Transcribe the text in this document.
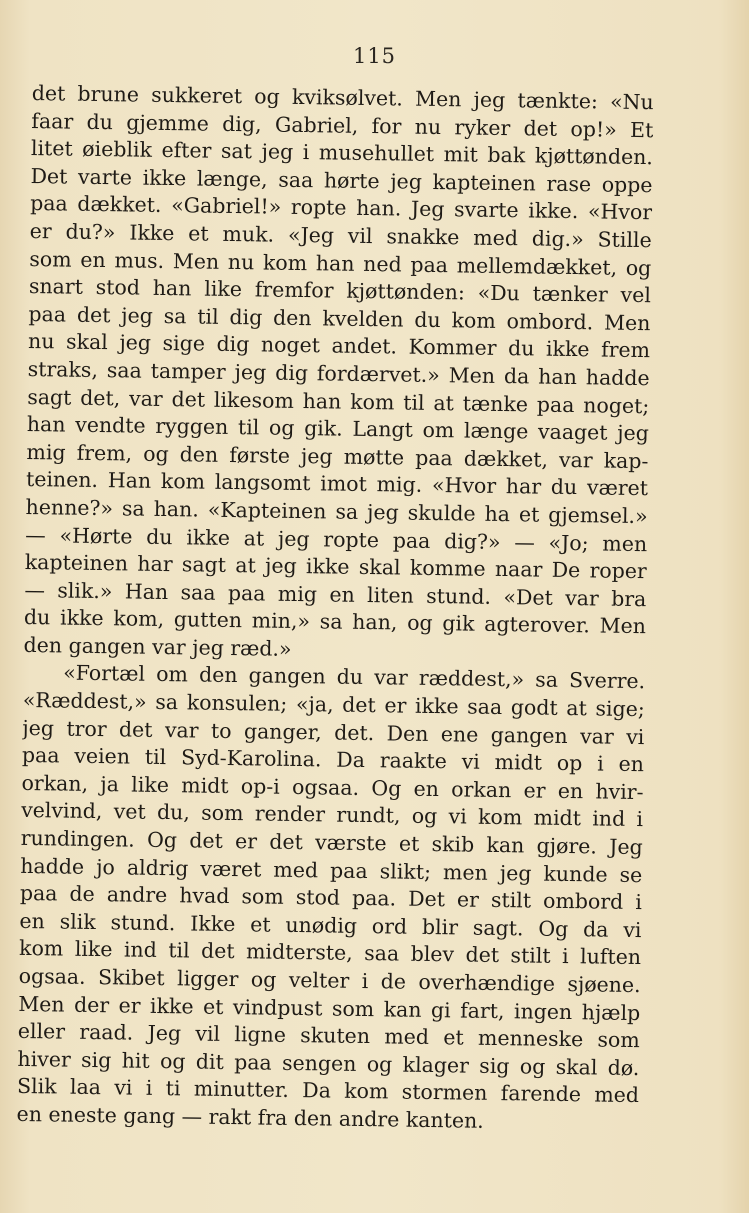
115
det brune sukkeret og kviksølvet. Men jeg tænkte: «Nu
faar du gjemme dig, Gabriel, for nu ryker det op!» Et
litet øieblik efter sat jeg i musehullet mit bak kjøttønden.
Det varte ikke længe, saa hørte jeg kapteinen rase oppe
paa dækket. «Gabriel!» ropte han. Jeg svarte ikke. «Hvor
er du?» Ikke et muk. «Jeg vil snakke med dig.» Stille
som en mus. Men nu kom han ned paa mellemdækket, og
snart stod han like fremfor kjøttønden: «Du tænker vel
paa det jeg sa til dig den kvelden du kom ombord. Men
nu skal jeg sige dig noget andet. Kommer du ikke frem
straks, saa tamper jeg dig fordærvet.» Men da han hadde
sagt det, var det likesom han kom til at tænke paa noget;
han vendte ryggen til og gik. Langt om længe vaaget jeg
mig frem, og den første jeg møtte paa dækket, var kap-
teinen. Han kom langsomt imot mig. «Hvor har du været
henne?» sa han. «Kapteinen sa jeg skulde ha et gjemsel.»
— «Hørte du ikke at jeg ropte paa dig?» — «Jo; men
kapteinen har sagt at jeg ikke skal komme naar De roper
— slik.» Han saa paa mig en liten stund. «Det var bra
du ikke kom, gutten min,» sa han, og gik agterover. Men
den gangen var jeg ræd.»
«Fortæl om den gangen du var ræddest,» sa Sverre.
«Ræddest,» sa konsulen; «ja, det er ikke saa godt at sige;
jeg tror det var to ganger, det. Den ene gangen var vi
paa veien til Syd-Karolina. Da raakte vi midt op i en
orkan, ja like midt op-i ogsaa. Og en orkan er en hvir-
velvind, vet du, som render rundt, og vi kom midt ind i
rundingen. Og det er det værste et skib kan gjøre. Jeg
hadde jo aldrig været med paa slikt; men jeg kunde se
paa de andre hvad som stod paa. Det er stilt ombord i
en slik stund. Ikke et unødig ord blir sagt. Og da vi
kom like ind til det midterste, saa blev det stilt i luften
ogsaa. Skibet ligger og velter i de overhændige sjøene.
Men der er ikke et vindpust som kan gi fart, ingen hjælp
eller raad. Jeg vil ligne skuten med et menneske som
hiver sig hit og dit paa sengen og klager sig og skal dø.
Slik laa vi i ti minutter. Da kom stormen farende med
en eneste gang — rakt fra den andre kanten.
